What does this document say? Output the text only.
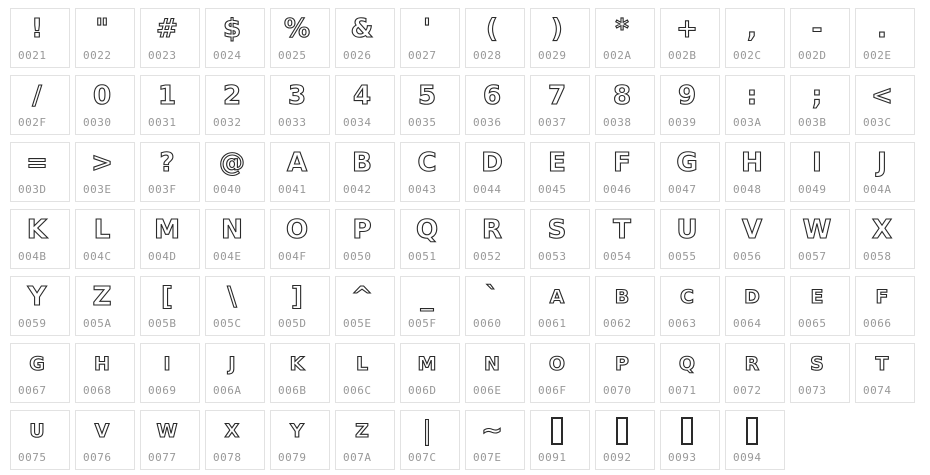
!
0021
"
0022
#
0023
$
0024
%
0025
&
0026
'
0027
(
0028
)
0029
*
002A
+
002B
,
002C
-
002D
.
002E
/
002F
0
0030
1
0031
2
0032
3
0033
4
0034
5
0035
6
0036
7
0037
8
0038
9
0039
:
003A
;
003B
<
003C
=
003D
>
003E
?
003F
@
0040
A
0041
B
0042
C
0043
D
0044
E
0045
F
0046
G
0047
H
0048
I
0049
J
004A
K
004B
L
004C
M
004D
N
004E
O
004F
P
0050
Q
0051
R
0052
S
0053
T
0054
U
0055
V
0056
W
0057
X
0058
Y
0059
Z
005A
[
005B
\
005C
]
005D
^
005E
_
005F
`
0060
A
0061
B
0062
C
0063
D
0064
E
0065
F
0066
G
0067
H
0068
I
0069
J
006A
K
006B
L
006C
M
006D
N
006E
O
006F
P
0070
Q
0071
R
0072
S
0073
T
0074
U
0075
V
0076
W
0077
X
0078
Y
0079
Z
007A
|
007C
~
007E	0091	0092	0093	0094
